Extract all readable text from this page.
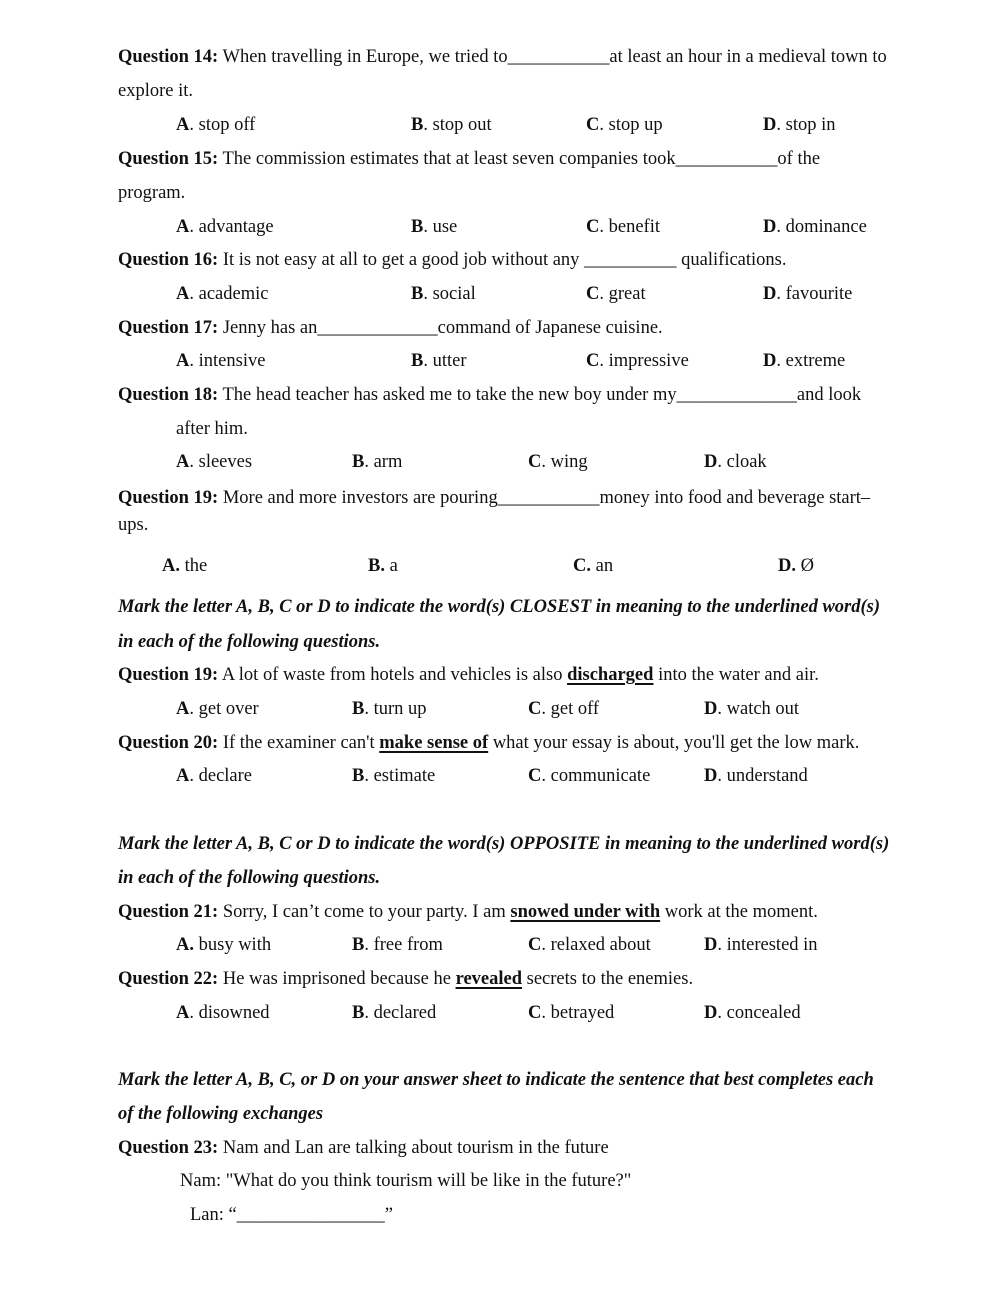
Question 14: When travelling in Europe, we tried to___________at least an hour in a medieval town to
explore it.
A. stop off	B. stop out	C. stop up	D. stop in
Question 15: The commission estimates that at least seven companies took___________of the
program.
A. advantage	B. use	C. benefit	D. dominance
Question 16: It is not easy at all to get a good job without any __________ qualifications.
A. academic	B. social	C. great	D. favourite
Question 17: Jenny has an_____________command of Japanese cuisine.
A. intensive	B. utter	C. impressive	D. extreme
Question 18: The head teacher has asked me to take the new boy under my_____________and look
after him.
A. sleeves	B. arm	C. wing	D. cloak
Question 19: More and more investors are pouring___________money into food and beverage start–
ups.
A. the	B. a	C. an	D. Ø
Mark the letter A, B, C or D to indicate the word(s) CLOSEST in meaning to the underlined word(s)
in each of the following questions.
Question 19: A lot of waste from hotels and vehicles is also discharged into the water and air.
A. get over	B. turn up	C. get off	D. watch out
Question 20: If the examiner can't make sense of what your essay is about, you'll get the low mark.
A. declare	B. estimate	C. communicate	D. understand
Mark the letter A, B, C or D to indicate the word(s) OPPOSITE in meaning to the underlined word(s)
in each of the following questions.
Question 21: Sorry, I can’t come to your party. I am snowed under with work at the moment.
A. busy with	B. free from	C. relaxed about	D. interested in
Question 22: He was imprisoned because he revealed secrets to the enemies.
A. disowned	B. declared	C. betrayed	D. concealed
Mark the letter A, B, C, or D on your answer sheet to indicate the sentence that best completes each
of the following exchanges
Question 23: Nam and Lan are talking about tourism in the future
Nam: "What do you think tourism will be like in the future?"
Lan: “________________”
